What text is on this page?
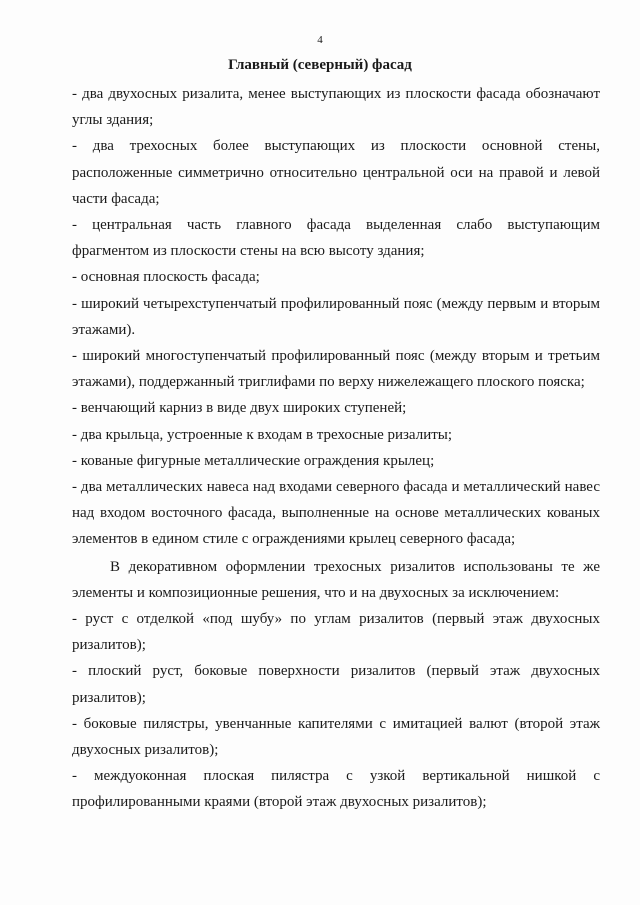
4
Главный (северный) фасад

- два двухосных ризалита, менее выступающих из плоскости фасада обозначают углы здания;

- два трехосных более выступающих из плоскости основной стены, расположенные симметрично относительно центральной оси на правой и левой части фасада;

- центральная часть главного фасада выделенная слабо выступающим фрагментом из плоскости стены на всю высоту здания;

- основная плоскость фасада;

- широкий четырехступенчатый профилированный пояс (между первым и вторым этажами).

- широкий многоступенчатый профилированный пояс (между вторым и третьим этажами), поддержанный триглифами по верху нижележащего плоского пояска;

- венчающий карниз в виде двух широких ступеней;

- два крыльца, устроенные к входам в трехосные ризалиты;

- кованые фигурные металлические ограждения крылец;

- два металлических навеса над входами северного фасада и металлический навес над входом восточного фасада, выполненные на основе металлических кованых элементов в едином стиле с ограждениями крылец северного фасада;

В декоративном оформлении трехосных ризалитов использованы те же элементы и композиционные решения, что и на двухосных за исключением:

- руст с отделкой «под шубу» по углам ризалитов (первый этаж двухосных ризалитов);

- плоский руст, боковые поверхности ризалитов (первый этаж двухосных ризалитов);

- боковые пилястры, увенчанные капителями с имитацией валют (второй этаж двухосных ризалитов);

- междуоконная плоская пилястра с узкой вертикальной нишкой с профилированными краями (второй этаж двухосных ризалитов);
